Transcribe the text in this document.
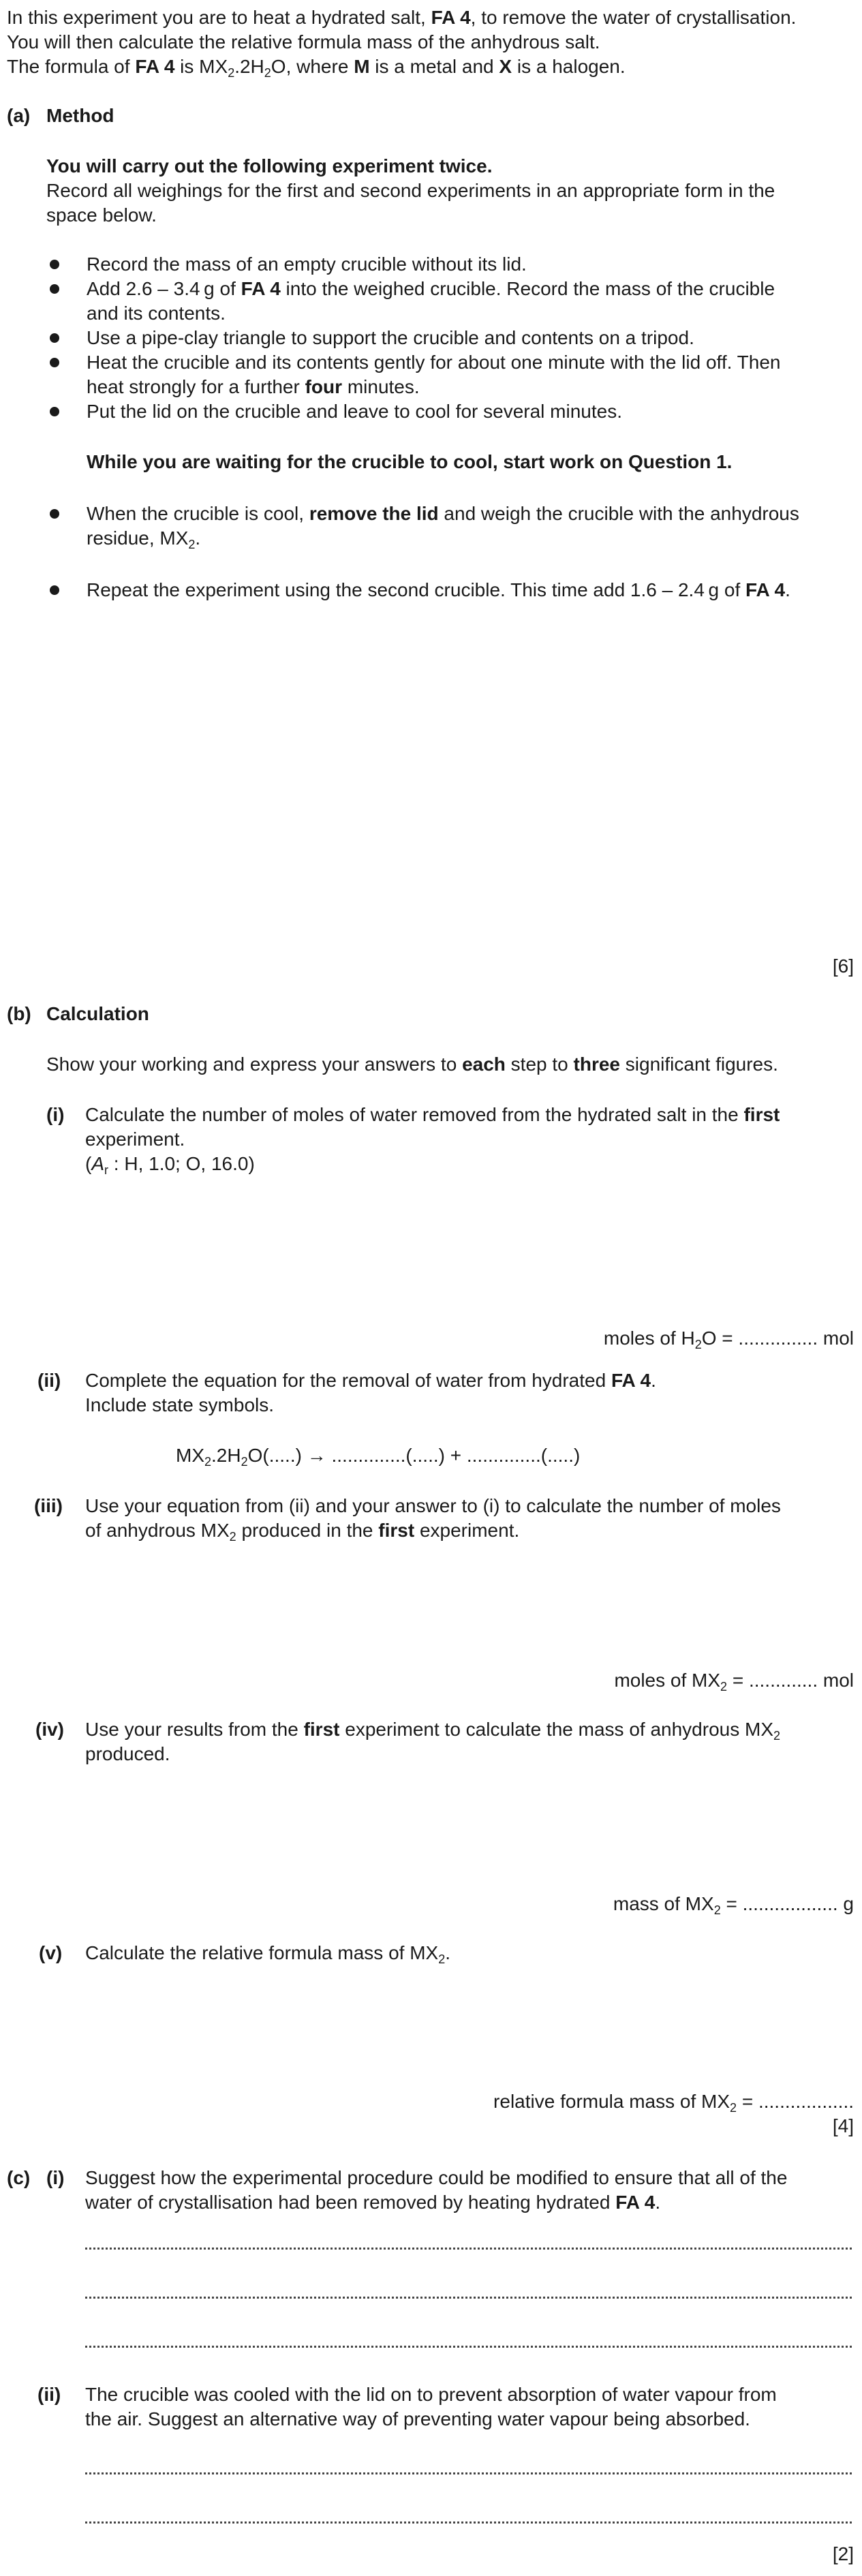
In this experiment you are to heat a hydrated salt, FA 4, to remove the water of crystallisation.
You will then calculate the relative formula mass of the anhydrous salt.
The formula of FA 4 is $MX_2.2H_2O$, where M is a metal and X is a halogen.
(a) Method
You will carry out the following experiment twice.
Record all weighings for the first and second experiments in an appropriate form in the
space below.
Record the mass of an empty crucible without its lid.
Add 2.6 – 3.4 g of FA 4 into the weighed crucible. Record the mass of the crucible
and its contents.
Use a pipe-clay triangle to support the crucible and contents on a tripod.
Heat the crucible and its contents gently for about one minute with the lid off. Then
heat strongly for a further four minutes.
Put the lid on the crucible and leave to cool for several minutes.
While you are waiting for the crucible to cool, start work on Question 1.
When the crucible is cool, remove the lid and weigh the crucible with the anhydrous
residue, $MX_2$.
Repeat the experiment using the second crucible. This time add 1.6 – 2.4 g of FA 4.
[6]
(b) Calculation
Show your working and express your answers to each step to three significant figures.
(i) Calculate the number of moles of water removed from the hydrated salt in the first
experiment.
($A_r$ : H, 1.0; O, 16.0)
moles of $H_2O$ = ............... mol
(ii) Complete the equation for the removal of water from hydrated FA 4.
Include state symbols.
$MX_2.2H_2O(.....)$ → ..............(.....) + ..............(.....)
(iii) Use your equation from (ii) and your answer to (i) to calculate the number of moles
of anhydrous $MX_2$ produced in the first experiment.
moles of $MX_2$ = ............. mol
(iv) Use your results from the first experiment to calculate the mass of anhydrous $MX_2$
produced.
mass of $MX_2$ = .................. g
(v) Calculate the relative formula mass of $MX_2$.
relative formula mass of $MX_2$ = ..................
[4]
(c) (i) Suggest how the experimental procedure could be modified to ensure that all of the
water of crystallisation had been removed by heating hydrated FA 4.
(ii) The crucible was cooled with the lid on to prevent absorption of water vapour from
the air. Suggest an alternative way of preventing water vapour being absorbed.
[2]
